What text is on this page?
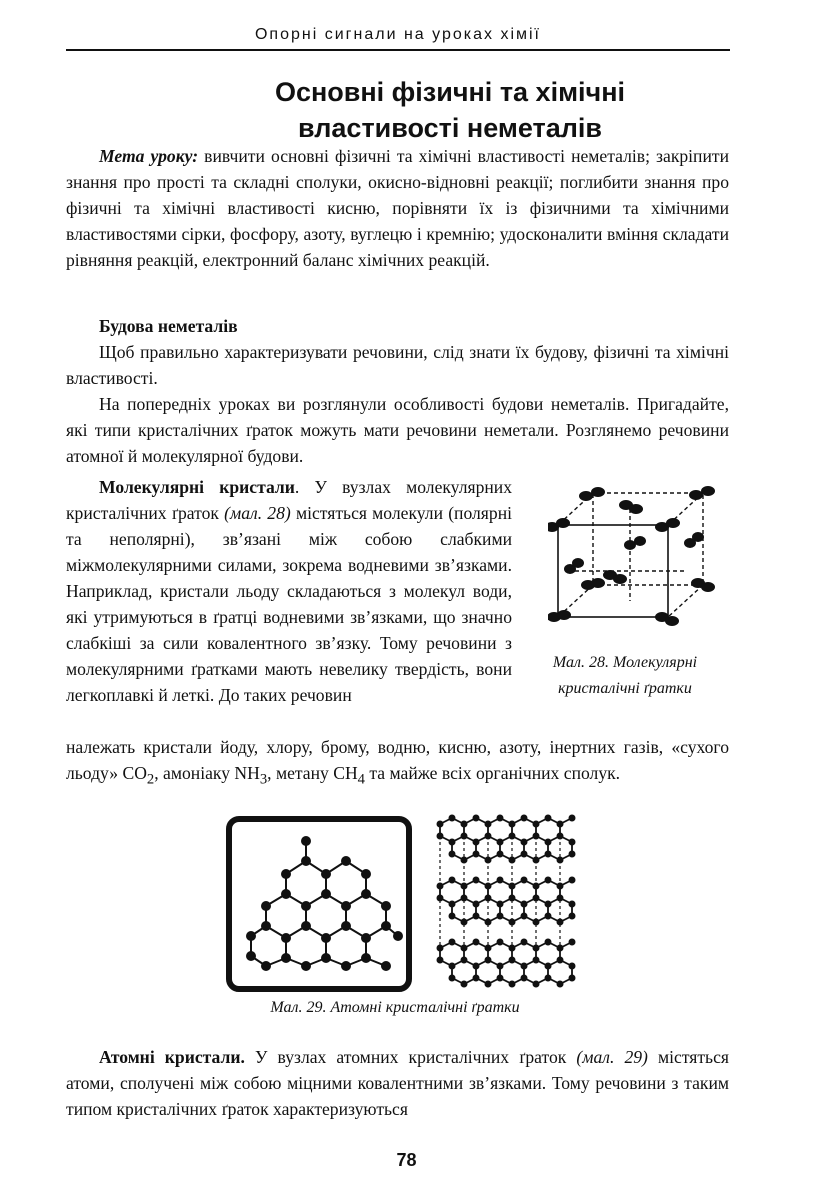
Опорні сигнали на уроках хімії
Основні фізичні та хімічні
властивості неметалів

Мета уроку: вивчити основні фізичні та хімічні властивості неметалів; закріпити знання про прості та складні сполуки, окисно-відновні реакції; поглибити знання про фізичні та хімічні властивості кисню, порівняти їх із фізичними та хімічними властивостями сірки, фосфору, азоту, вуглецю і кремнію; удосконалити вміння складати рівняння реакцій, електронний баланс хімічних реакцій.

Будова неметалів

Щоб правильно характеризувати речовини, слід знати їх будову, фізичні та хімічні властивості.

На попередніх уроках ви розглянули особливості будови неметалів. Пригадайте, які типи кристалічних ґраток можуть мати речовини неметали. Розглянемо речовини атомної й молекулярної будови.

Молекулярні кристали. У вузлах молекулярних кристалічних ґраток (мал. 28) містяться молекули (полярні та неполярні), зв’язані між собою слабкими міжмолекулярними силами, зокрема водневими зв’язками. Наприклад, кристали льоду складаються з молекул води, які утримуються в ґратці водневими зв’язками, що значно слабкіші за сили ковалентного зв’язку. Тому речовини з молекулярними ґратками мають невелику твердість, вони легкоплавкі й леткі. До таких речовин

належать кристали йоду, хлору, брому, водню, кисню, азоту, інертних газів, «сухого льоду» $CO_2$, амоніаку $NH_3$, метану $CH_4$ та майже всіх органічних сполук.

Мал. 28. Молекулярні
кристалічні ґратки
Мал. 29. Атомні кристалічні ґратки

Атомні кристали. У вузлах атомних кристалічних ґраток (мал. 29) містяться атоми, сполучені між собою міцними ковалентними зв’язками. Тому речовини з таким типом кристалічних ґраток характеризуються

78
